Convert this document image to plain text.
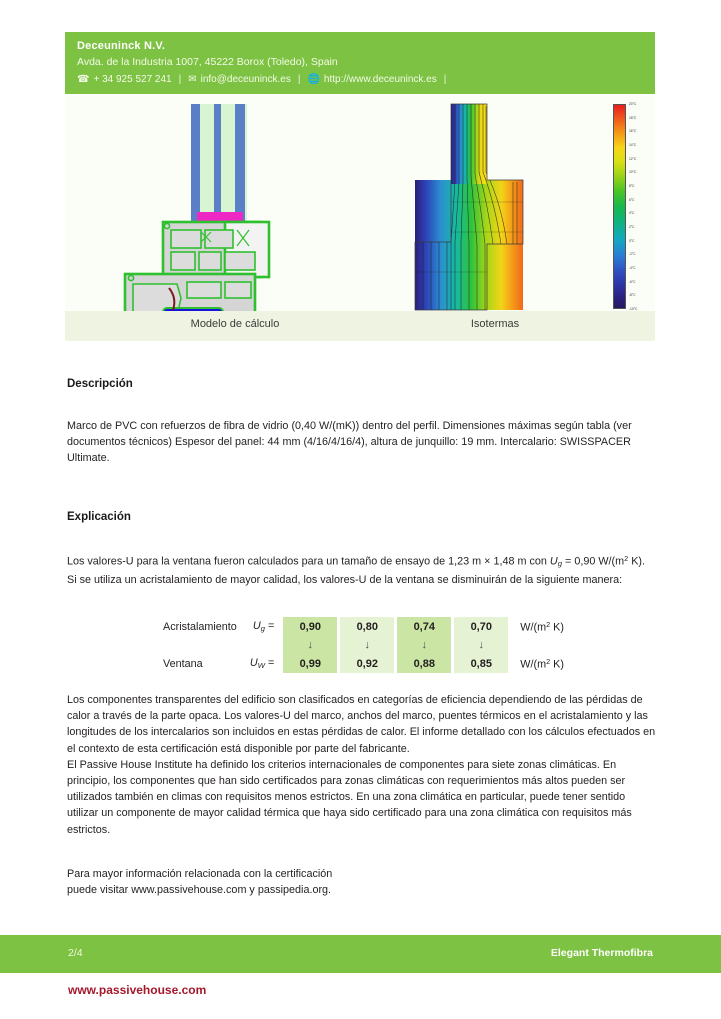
Deceuninck N.V.
Avda. de la Industria 1007, 45222 Borox (Toledo), Spain
☎ + 34 925 527 241 | ✉ info@deceuninck.es | 🌐 http://www.deceuninck.es |
20°C
18°C
16°C
14°C
12°C
10°C
8°C
6°C
4°C
2°C
0°C
-2°C
-4°C
-6°C
-8°C
-10°C
Modelo de cálculo	Isotermas
Descripción

Marco de PVC con refuerzos de fibra de vidrio (0,40 W/(mK)) dentro del perfil. Dimensiones máximas según tabla (ver documentos técnicos) Espesor del panel: 44 mm (4/16/4/16/4), altura de junquillo: 19 mm. Intercalario: SWISSPACER Ultimate.

Explicación

Los valores-U para la ventana fueron calculados para un tamaño de ensayo de 1,23 m × 1,48 m con $U_g = 0,90$ $W/(m^2$ K). Si se utiliza un acristalamiento de mayor calidad, los valores-U de la ventana se disminuirán de la siguiente manera:

Acristalamiento	$U_g$ =	0,90	0,80	0,74	0,70	$W/(m^2$ K)
		↓	↓	↓	↓	
Ventana	$U_W$ =	0,99	0,92	0,88	0,85	$W/(m^2$ K)

Los componentes transparentes del edificio son clasificados en categorías de eficiencia dependiendo de las pérdidas de calor a través de la parte opaca. Los valores-U del marco, anchos del marco, puentes térmicos en el acristalamiento y las longitudes de los intercalarios son incluidos en estas pérdidas de calor. El informe detallado con los cálculos efectuados en el contexto de esta certificación está disponible por parte del fabricante.

El Passive House Institute ha definido los criterios internacionales de componentes para siete zonas climáticas. En principio, los componentes que han sido certificados para zonas climáticas con requerimientos más altos pueden ser utilizados también en climas con requisitos menos estrictos. En una zona climática en particular, puede tener sentido utilizar un componente de mayor calidad térmica que haya sido certificado para una zona climática con requisitos más estrictos.

Para mayor información relacionada con la certificación

puede visitar www.passivehouse.com y passipedia.org.

2/4	Elegant Thermofibra
www.passivehouse.com
